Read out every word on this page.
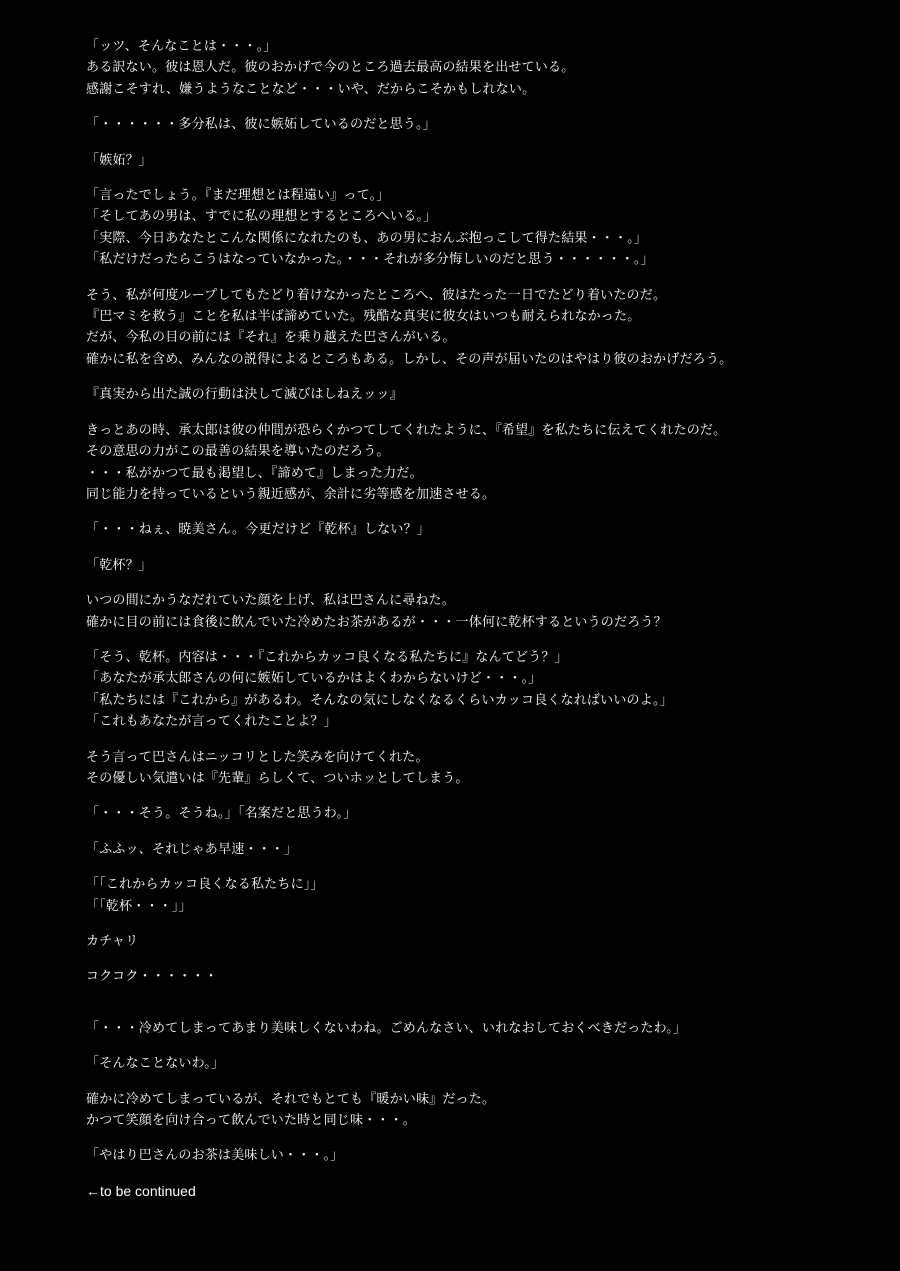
「ッツ、そんなことは・・・。」
ある訳ない。彼は恩人だ。彼のおかげで今のところ過去最高の結果を出せている。
感謝こそすれ、嫌うようなことなど・・・いや、だからこそかもしれない。
「・・・・・・多分私は、彼に嫉妬しているのだと思う。」
「嫉妬？」
「言ったでしょう。『まだ理想とは程遠い』って。」
「そしてあの男は、すでに私の理想とするところへいる。」
「実際、今日あなたとこんな関係になれたのも、あの男におんぶ抱っこして得た結果・・・。」
「私だけだったらこうはなっていなかった。・・・それが多分悔しいのだと思う・・・・・・。」
そう、私が何度ループしてもたどり着けなかったところへ、彼はたった一日でたどり着いたのだ。
『巴マミを救う』ことを私は半ば諦めていた。残酷な真実に彼女はいつも耐えられなかった。
だが、今私の目の前には『それ』を乗り越えた巴さんがいる。
確かに私を含め、みんなの説得によるところもある。しかし、その声が届いたのはやはり彼のおかげだろう。
『真実から出た誠の行動は決して滅びはしねえッッ』
きっとあの時、承太郎は彼の仲間が恐らくかつてしてくれたように、『希望』を私たちに伝えてくれたのだ。
その意思の力がこの最善の結果を導いたのだろう。
・・・私がかつて最も渇望し、『諦めて』しまった力だ。
同じ能力を持っているという親近感が、余計に劣等感を加速させる。
「・・・ねぇ、暁美さん。今更だけど『乾杯』しない？」
「乾杯？」
いつの間にかうなだれていた顔を上げ、私は巴さんに尋ねた。
確かに目の前には食後に飲んでいた冷めたお茶があるが・・・一体何に乾杯するというのだろう？
「そう、乾杯。内容は・・・『これからカッコ良くなる私たちに』なんてどう？」
「あなたが承太郎さんの何に嫉妬しているかはよくわからないけど・・・。」
「私たちには『これから』があるわ。そんなの気にしなくなるくらいカッコ良くなればいいのよ。」
「これもあなたが言ってくれたことよ？」
そう言って巴さんはニッコリとした笑みを向けてくれた。
その優しい気遣いは『先輩』らしくて、ついホッとしてしまう。
「・・・そう。そうね。」「名案だと思うわ。」
「ふふッ、それじゃあ早速・・・」
「「これからカッコ良くなる私たちに」」
「「乾杯・・・」」
カチャリ
コクコク・・・・・・
「・・・冷めてしまってあまり美味しくないわね。ごめんなさい、いれなおしておくべきだったわ。」
「そんなことないわ。」
確かに冷めてしまっているが、それでもとても『暖かい味』だった。
かつて笑顔を向け合って飲んでいた時と同じ味・・・。
「やはり巴さんのお茶は美味しい・・・。」
←to be continued
